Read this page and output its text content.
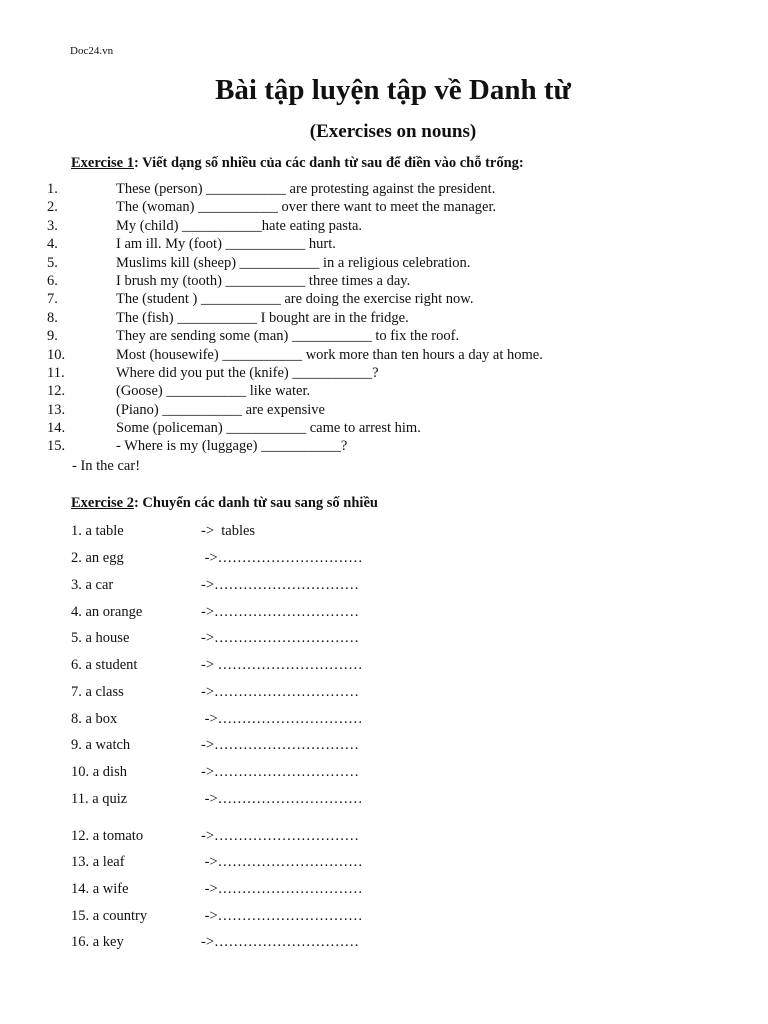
Doc24.vn
Bài tập luyện tập về Danh từ
(Exercises on nouns)
Exercise 1: Viết dạng số nhiều của các danh từ sau để điền vào chỗ trống:
1.	These (person) ___________ are protesting against the president.
2.	The (woman) ___________ over there want to meet the manager.
3.	My (child) ___________hate eating pasta.
4.	I am ill. My (foot) ___________ hurt.
5.	Muslims kill (sheep) ___________ in a religious celebration.
6.	I brush my (tooth) ___________ three times a day.
7.	The (student ) ___________ are doing the exercise right now.
8.	The (fish) ___________ I bought are in the fridge.
9.	They are sending some (man) ___________ to fix the roof.
10.	Most (housewife) ___________ work more than ten hours a day at home.
11.	Where did you put the (knife) ___________?
12.	(Goose) ___________ like water.
13.	(Piano) ___________ are expensive
14.	Some (policeman) ___________ came to arrest him.
15.	- Where is my (luggage) ___________?
- In the car!
Exercise 2: Chuyển các danh từ sau sang số nhiều
1. a table	->  tables
2. an egg	->…………………………
3. a car	->…………………………
4. an orange	->…………………………
5. a house	->…………………………
6. a student	-> …………………………
7. a class	->…………………………
8. a box	->…………………………
9. a watch	->…………………………
10. a dish	->…………………………
11. a quiz	->…………………………
12. a tomato	->…………………………
13. a leaf	->…………………………
14. a wife	->…………………………
15. a country	->…………………………
16. a key	->…………………………
